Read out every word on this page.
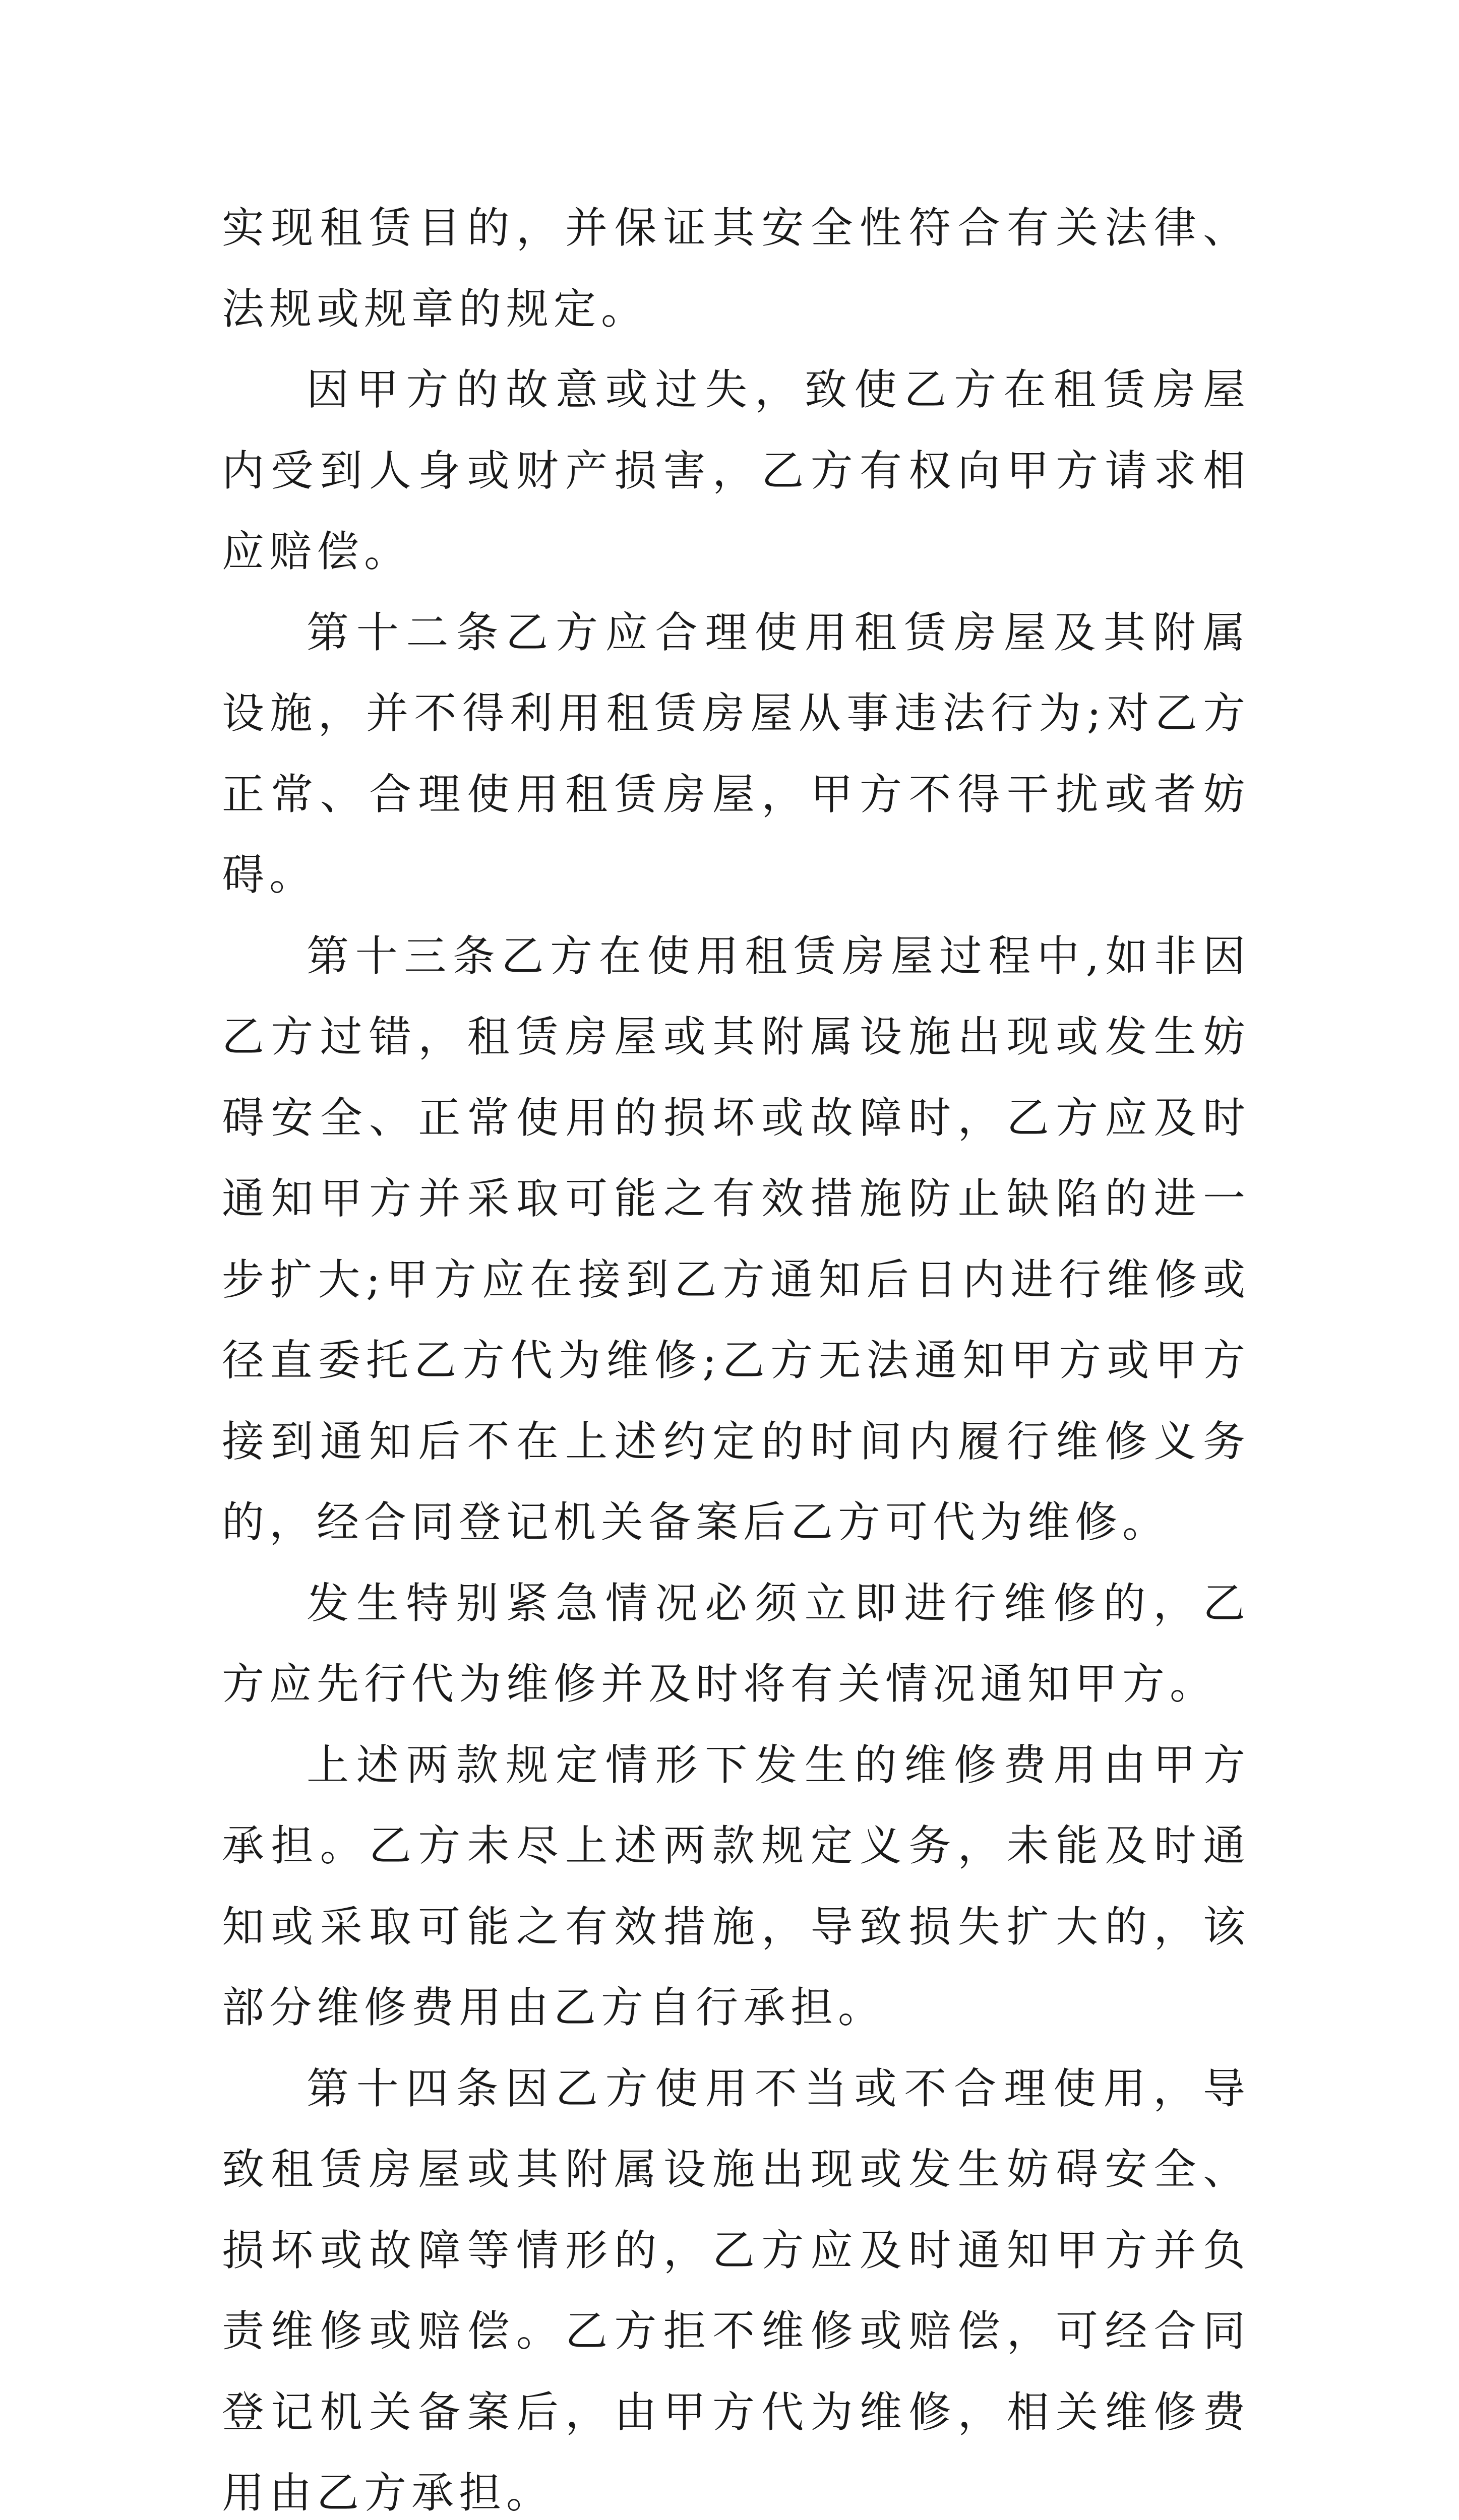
实现租赁目的，并保证其安全性符合有关法律、法规或规章的规定。

因甲方的故意或过失，致使乙方在租赁房屋内受到人身或财产损害，乙方有权向甲方请求相应赔偿。

第十二条乙方应合理使用租赁房屋及其附属设施，并不得利用租赁房屋从事违法行为;对乙方正常、合理使用租赁房屋，甲方不得干扰或者妨碍。

第十三条乙方在使用租赁房屋过程中,如非因乙方过错，租赁房屋或其附属设施出现或发生妨碍安全、正常使用的损坏或故障时，乙方应及时通知甲方并采取可能之有效措施防止缺陷的进一步扩大;甲方应在接到乙方通知后日内进行维修或径直委托乙方代为维修;乙方无法通知甲方或甲方接到通知后不在上述约定的时间内履行维修义务的，经合同登记机关备案后乙方可代为维修。

发生特别紧急情况必须立即进行维修的，乙方应先行代为维修并及时将有关情况通知甲方。

上述两款规定情形下发生的维修费用由甲方承担。乙方未尽上述两款规定义务，未能及时通知或采取可能之有效措施，导致损失扩大的，该部分维修费用由乙方自行承担。

第十四条因乙方使用不当或不合理使用，导致租赁房屋或其附属设施出现或发生妨碍安全、损坏或故障等情形的，乙方应及时通知甲方并负责维修或赔偿。乙方拒不维修或赔偿，可经合同登记机关备案后，由甲方代为维修，相关维修费用由乙方承担。
